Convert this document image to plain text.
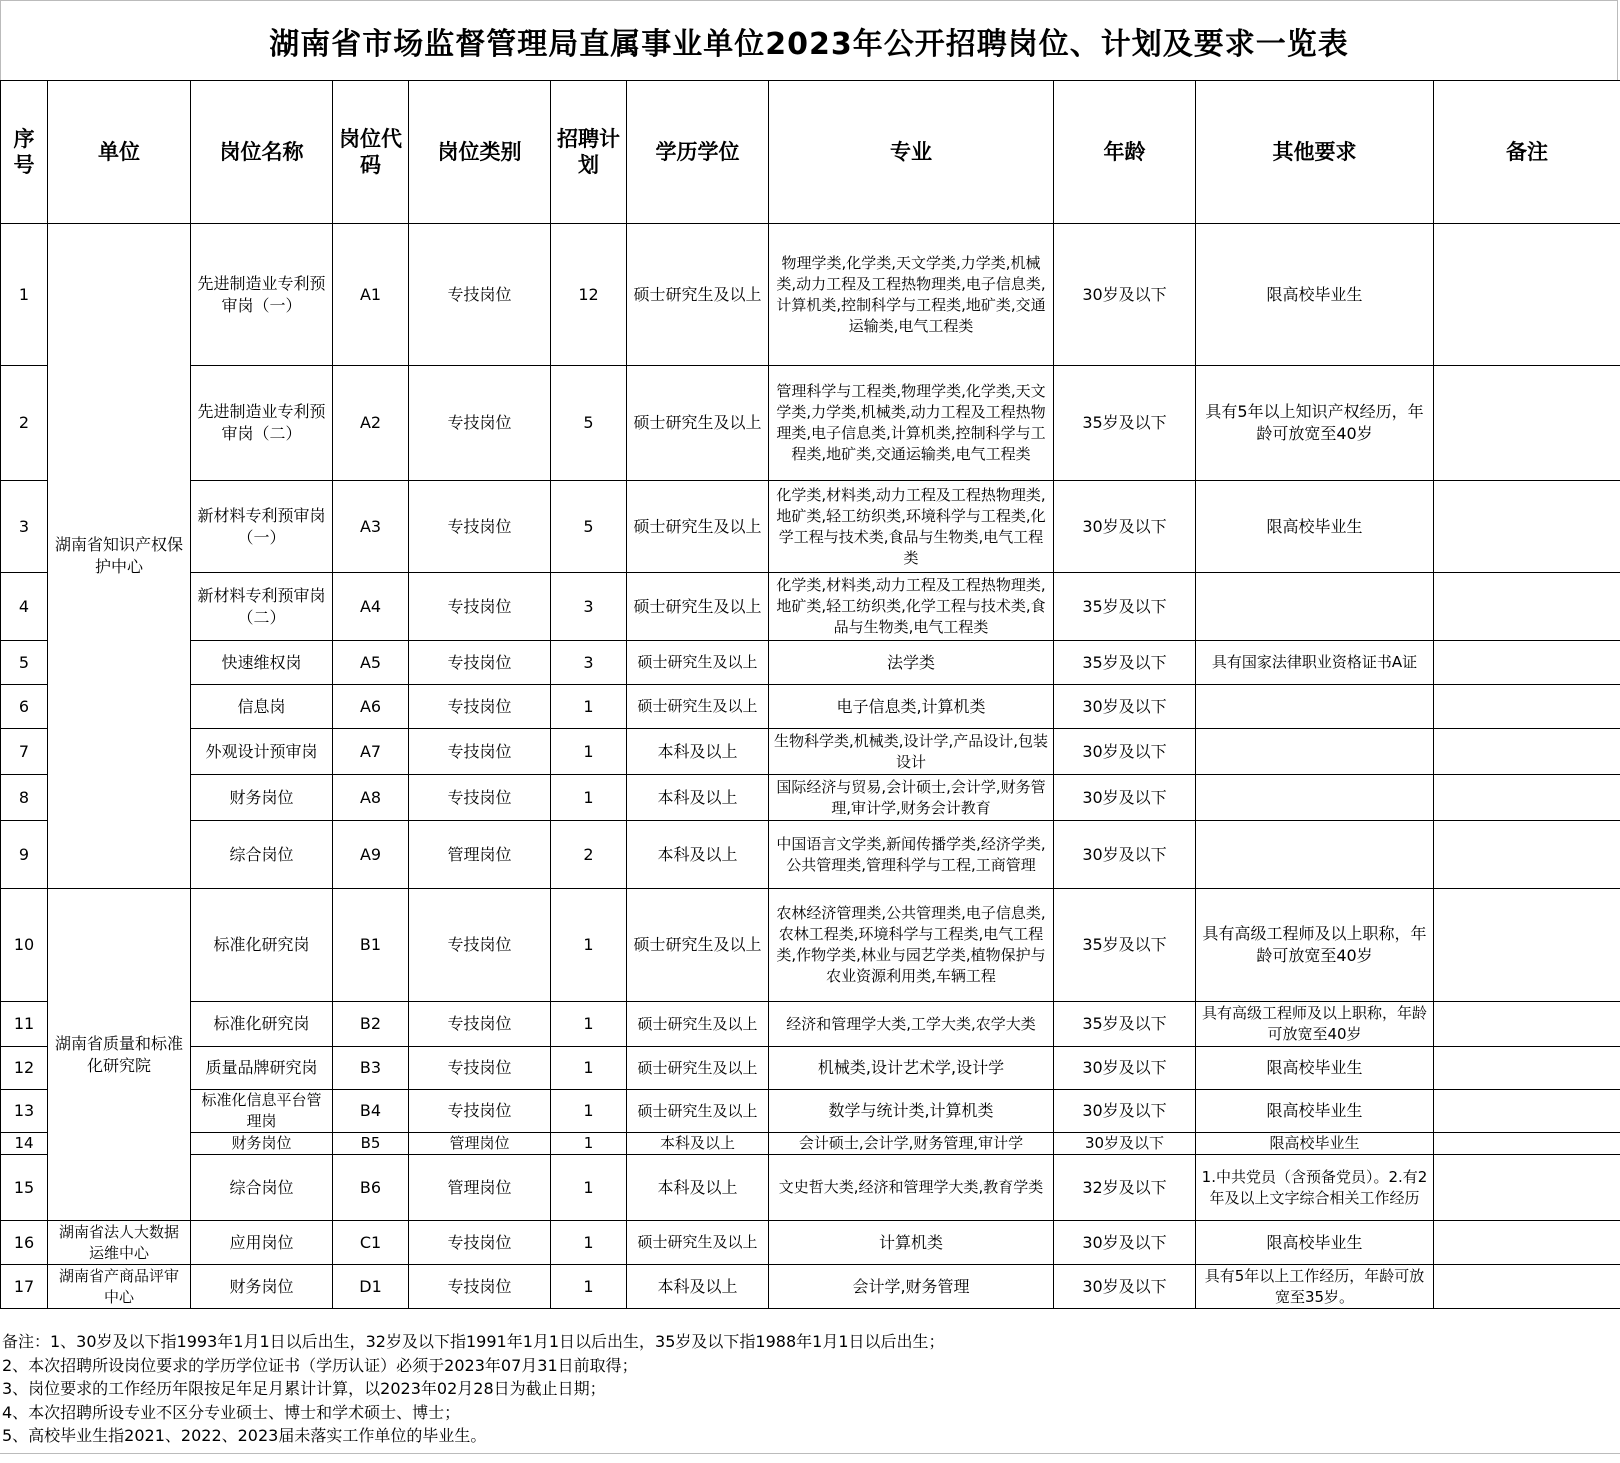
湖南省市场监督管理局直属事业单位2023年公开招聘岗位、计划及要求一览表
序号	单位	岗位名称	岗位代码	岗位类别	招聘计划	学历学位	专业	年龄	其他要求	备注
1	湖南省知识产权保护中心	先进制造业专利预审岗（一）	A1	专技岗位	12	硕士研究生及以上	物理学类,化学类,天文学类,力学类,机械类,动力工程及工程热物理类,电子信息类,计算机类,控制科学与工程类,地矿类,交通运输类,电气工程类	30岁及以下	限高校毕业生	
2		先进制造业专利预审岗（二）	A2	专技岗位	5	硕士研究生及以上	管理科学与工程类,物理学类,化学类,天文学类,力学类,机械类,动力工程及工程热物理类,电子信息类,计算机类,控制科学与工程类,地矿类,交通运输类,电气工程类	35岁及以下	具有5年以上知识产权经历，年龄可放宽至40岁	
3		新材料专利预审岗（一）	A3	专技岗位	5	硕士研究生及以上	化学类,材料类,动力工程及工程热物理类,地矿类,轻工纺织类,环境科学与工程类,化学工程与技术类,食品与生物类,电气工程类	30岁及以下	限高校毕业生	
4		新材料专利预审岗（二）	A4	专技岗位	3	硕士研究生及以上	化学类,材料类,动力工程及工程热物理类,地矿类,轻工纺织类,化学工程与技术类,食品与生物类,电气工程类	35岁及以下		
5		快速维权岗	A5	专技岗位	3	硕士研究生及以上	法学类	35岁及以下	具有国家法律职业资格证书A证	
6		信息岗	A6	专技岗位	1	硕士研究生及以上	电子信息类,计算机类	30岁及以下		
7		外观设计预审岗	A7	专技岗位	1	本科及以上	生物科学类,机械类,设计学,产品设计,包装设计	30岁及以下		
8		财务岗位	A8	专技岗位	1	本科及以上	国际经济与贸易,会计硕士,会计学,财务管理,审计学,财务会计教育	30岁及以下		
9		综合岗位	A9	管理岗位	2	本科及以上	中国语言文学类,新闻传播学类,经济学类,公共管理类,管理科学与工程,工商管理	30岁及以下		
10	湖南省质量和标准化研究院	标准化研究岗	B1	专技岗位	1	硕士研究生及以上	农林经济管理类,公共管理类,电子信息类,农林工程类,环境科学与工程类,电气工程类,作物学类,林业与园艺学类,植物保护与农业资源利用类,车辆工程	35岁及以下	具有高级工程师及以上职称，年龄可放宽至40岁	
11		标准化研究岗	B2	专技岗位	1	硕士研究生及以上	经济和管理学大类,工学大类,农学大类	35岁及以下	具有高级工程师及以上职称，年龄可放宽至40岁	
12		质量品牌研究岗	B3	专技岗位	1	硕士研究生及以上	机械类,设计艺术学,设计学	30岁及以下	限高校毕业生	
13		标准化信息平台管理岗	B4	专技岗位	1	硕士研究生及以上	数学与统计类,计算机类	30岁及以下	限高校毕业生	
14		财务岗位	B5	管理岗位	1	本科及以上	会计硕士,会计学,财务管理,审计学	30岁及以下	限高校毕业生	
15		综合岗位	B6	管理岗位	1	本科及以上	文史哲大类,经济和管理学大类,教育学类	32岁及以下	1.中共党员（含预备党员）。2.有2年及以上文字综合相关工作经历	
16	湖南省法人大数据运维中心	应用岗位	C1	专技岗位	1	硕士研究生及以上	计算机类	30岁及以下	限高校毕业生	
17	湖南省产商品评审中心	财务岗位	D1	专技岗位	1	本科及以上	会计学,财务管理	30岁及以下	具有5年以上工作经历，年龄可放宽至35岁。	
备注：1、30岁及以下指1993年1月1日以后出生，32岁及以下指1991年1月1日以后出生，35岁及以下指1988年1月1日以后出生；
2、本次招聘所设岗位要求的学历学位证书（学历认证）必须于2023年07月31日前取得；
3、岗位要求的工作经历年限按足年足月累计计算，以2023年02月28日为截止日期；
4、本次招聘所设专业不区分专业硕士、博士和学术硕士、博士；
5、高校毕业生指2021、2022、2023届未落实工作单位的毕业生。
